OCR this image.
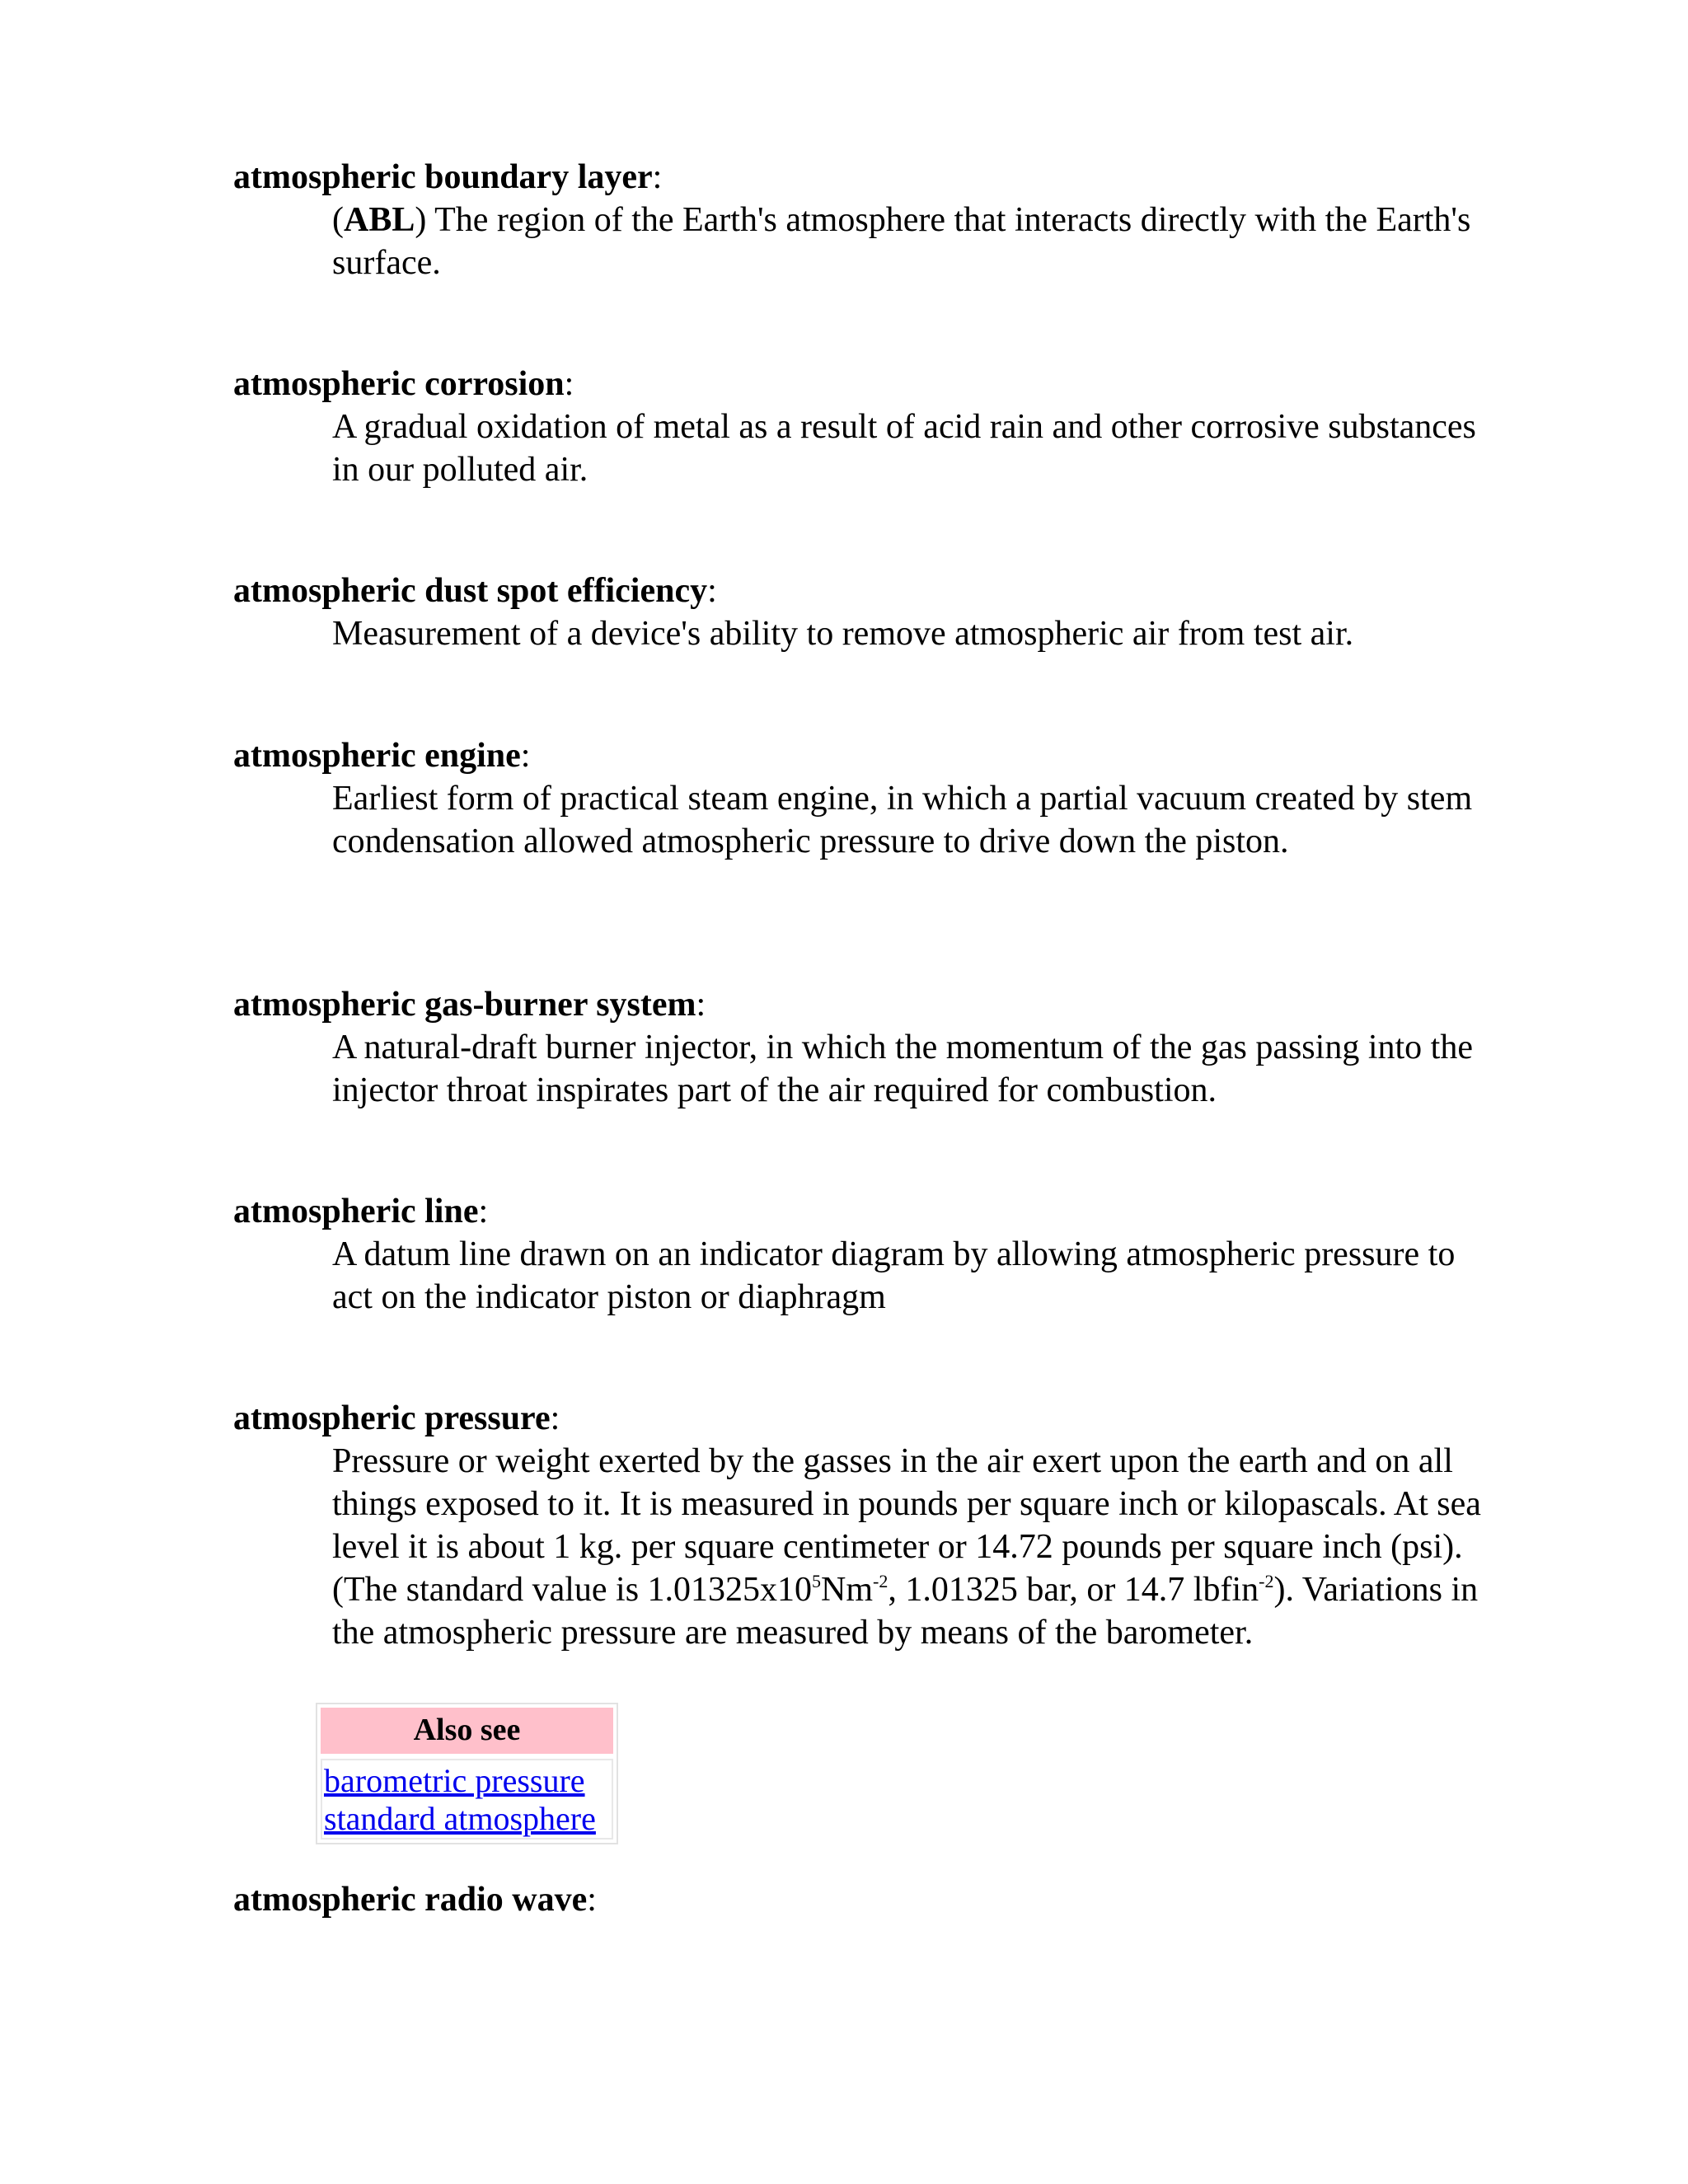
atmospheric boundary layer:
(ABL) The region of the Earth's atmosphere that interacts directly with the Earth's surface.
atmospheric corrosion:
A gradual oxidation of metal as a result of acid rain and other corrosive substances in our polluted air.
atmospheric dust spot efficiency:
Measurement of a device's ability to remove atmospheric air from test air.
atmospheric engine:
Earliest form of practical steam engine, in which a partial vacuum created by stem condensation allowed atmospheric pressure to drive down the piston.
atmospheric gas-burner system:
A natural-draft burner injector, in which the momentum of the gas passing into the injector throat inspirates part of the air required for combustion.
atmospheric line:
A datum line drawn on an indicator diagram by allowing atmospheric pressure to act on the indicator piston or diaphragm
atmospheric pressure:
Pressure or weight exerted by the gasses in the air exert upon the earth and on all things exposed to it. It is measured in pounds per square inch or kilopascals. At sea level it is about 1 kg. per square centimeter or 14.72 pounds per square inch (psi). (The standard value is $1.01325x10^5Nm^{-2}$, 1.01325 bar, or 14.7 lbfin$^{-2}$). Variations in the atmospheric pressure are measured by means of the barometer.
Also see
barometric pressure
standard atmosphere
atmospheric radio wave:
